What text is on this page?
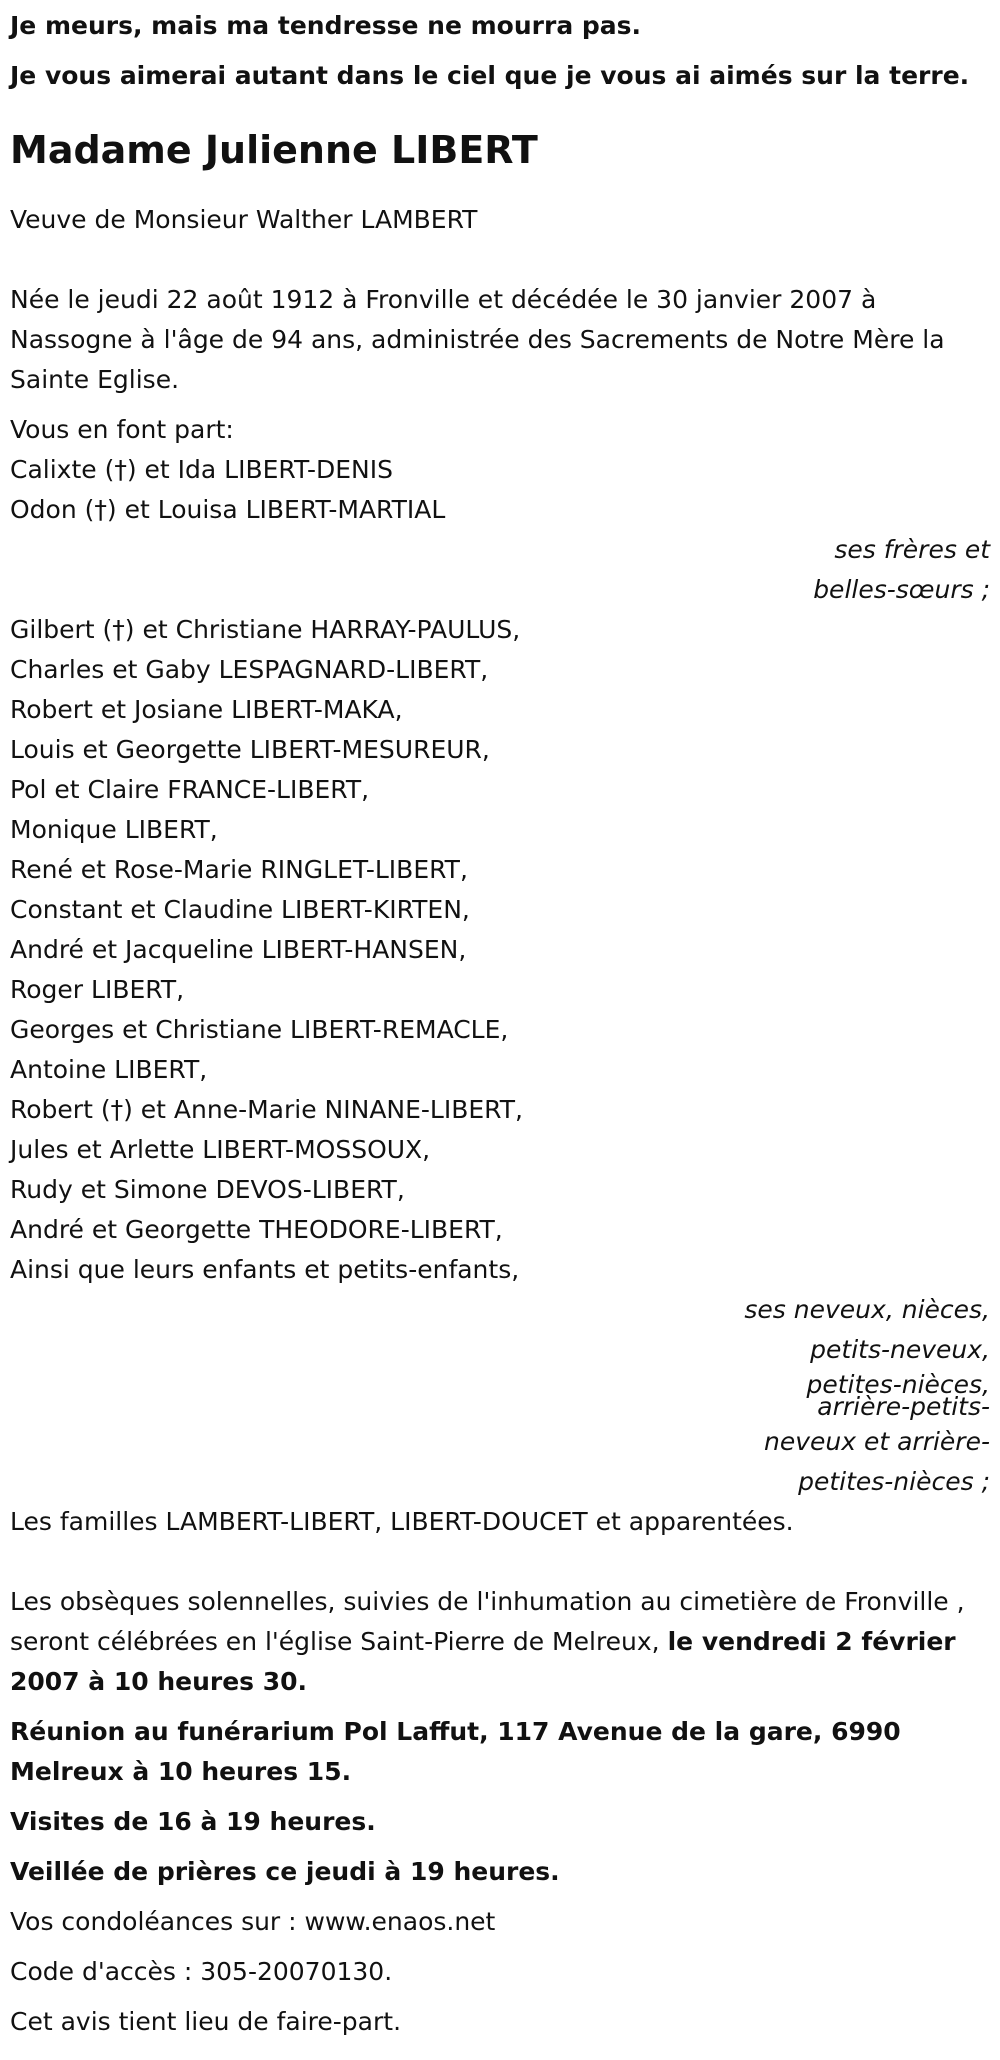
Je meurs, mais ma tendresse ne mourra pas.

Je vous aimerai autant dans le ciel que je vous ai aimés sur la terre.

Madame Julienne LIBERT

Veuve de Monsieur Walther LAMBERT

Née le jeudi 22 août 1912 à Fronville et décédée le 30 janvier 2007 à Nassogne à l'âge de 94 ans, administrée des Sacrements de Notre Mère la Sainte Eglise.

Vous en font part:

Calixte (†) et Ida LIBERT-DENIS
Odon (†) et Louisa LIBERT-MARTIAL
ses frères et
belles-sœurs ;
Gilbert (†) et Christiane HARRAY-PAULUS,
Charles et Gaby LESPAGNARD-LIBERT,
Robert et Josiane LIBERT-MAKA,
Louis et Georgette LIBERT-MESUREUR,
Pol et Claire FRANCE-LIBERT,
Monique LIBERT,
René et Rose-Marie RINGLET-LIBERT,
Constant et Claudine LIBERT-KIRTEN,
André et Jacqueline LIBERT-HANSEN,
Roger LIBERT,
Georges et Christiane LIBERT-REMACLE,
Antoine LIBERT,
Robert (†) et Anne-Marie NINANE-LIBERT,
Jules et Arlette LIBERT-MOSSOUX,
Rudy et Simone DEVOS-LIBERT,
André et Georgette THEODORE-LIBERT,
Ainsi que leurs enfants et petits-enfants,
ses neveux, nièces,
petits-neveux,
petites-nièces,
arrière-petits-
neveux et arrière-
petites-nièces ;

Les familles LAMBERT-LIBERT, LIBERT-DOUCET et apparentées.

Les obsèques solennelles, suivies de l'inhumation au cimetière de Fronville , seront célébrées en l'église Saint-Pierre de Melreux, le vendredi 2 février 2007 à 10 heures 30.

Réunion au funérarium Pol Laffut, 117 Avenue de la gare, 6990 Melreux à 10 heures 15.

Visites de 16 à 19 heures.

Veillée de prières ce jeudi à 19 heures.

Vos condoléances sur : www.enaos.net

Code d'accès : 305-20070130.

Cet avis tient lieu de faire-part.
